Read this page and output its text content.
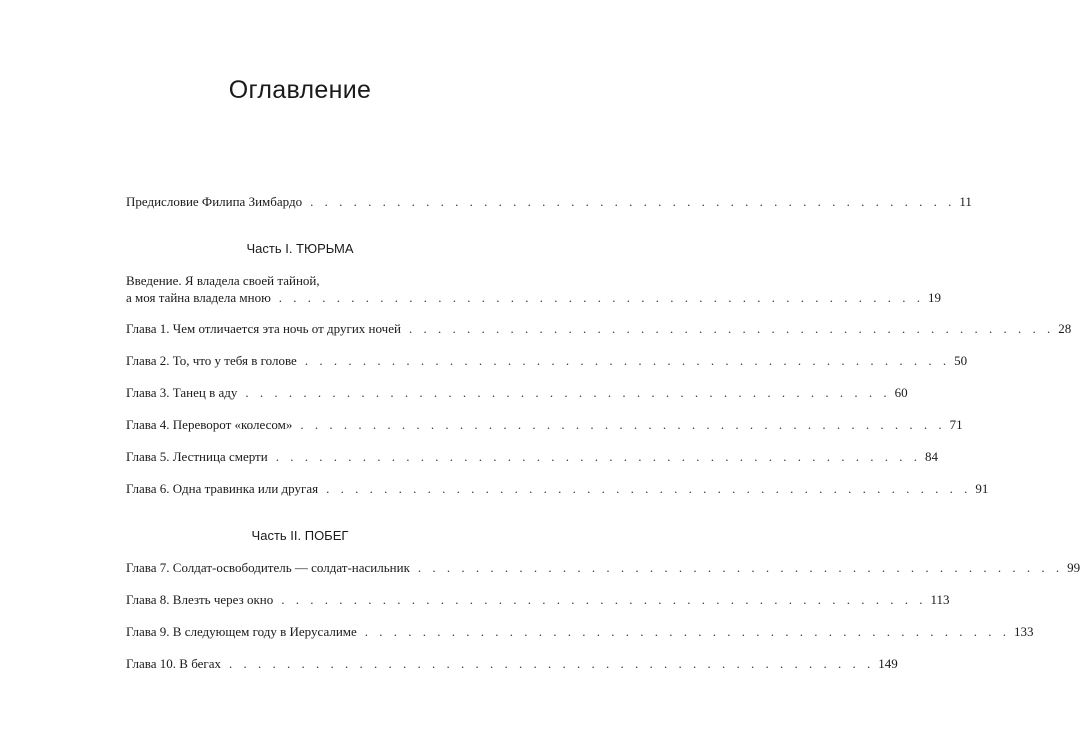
Оглавление
Предисловие Филипа Зимбардо . . . . . . . . . . . . . . . . . . . . . . . . . . . . . . . . . . . . . . . . . . . . . 11
Часть I. ТЮРЬМА
Введение. Я владела своей тайной,
а моя тайна владела мною . . . . . . . . . . . . . . . . . . . . . . . . . . . . . . . . . . . . . . . . . . . . . 19
Глава 1. Чем отличается эта ночь от других ночей . . . . . . . . . . . . . . . . . . . . . . . . . . . . . . . . . . . . . . . . . . . . . 28
Глава 2. То, что у тебя в голове . . . . . . . . . . . . . . . . . . . . . . . . . . . . . . . . . . . . . . . . . . . . . 50
Глава 3. Танец в аду . . . . . . . . . . . . . . . . . . . . . . . . . . . . . . . . . . . . . . . . . . . . . 60
Глава 4. Переворот «колесом» . . . . . . . . . . . . . . . . . . . . . . . . . . . . . . . . . . . . . . . . . . . . . 71
Глава 5. Лестница смерти . . . . . . . . . . . . . . . . . . . . . . . . . . . . . . . . . . . . . . . . . . . . . 84
Глава 6. Одна травинка или другая . . . . . . . . . . . . . . . . . . . . . . . . . . . . . . . . . . . . . . . . . . . . . 91
Часть II. ПОБЕГ
Глава 7. Солдат-освободитель — солдат-насильник . . . . . . . . . . . . . . . . . . . . . . . . . . . . . . . . . . . . . . . . . . . . . 99
Глава 8. Влезть через окно . . . . . . . . . . . . . . . . . . . . . . . . . . . . . . . . . . . . . . . . . . . . . 113
Глава 9. В следующем году в Иерусалиме . . . . . . . . . . . . . . . . . . . . . . . . . . . . . . . . . . . . . . . . . . . . . 133
Глава 10. В бегах . . . . . . . . . . . . . . . . . . . . . . . . . . . . . . . . . . . . . . . . . . . . . 149
